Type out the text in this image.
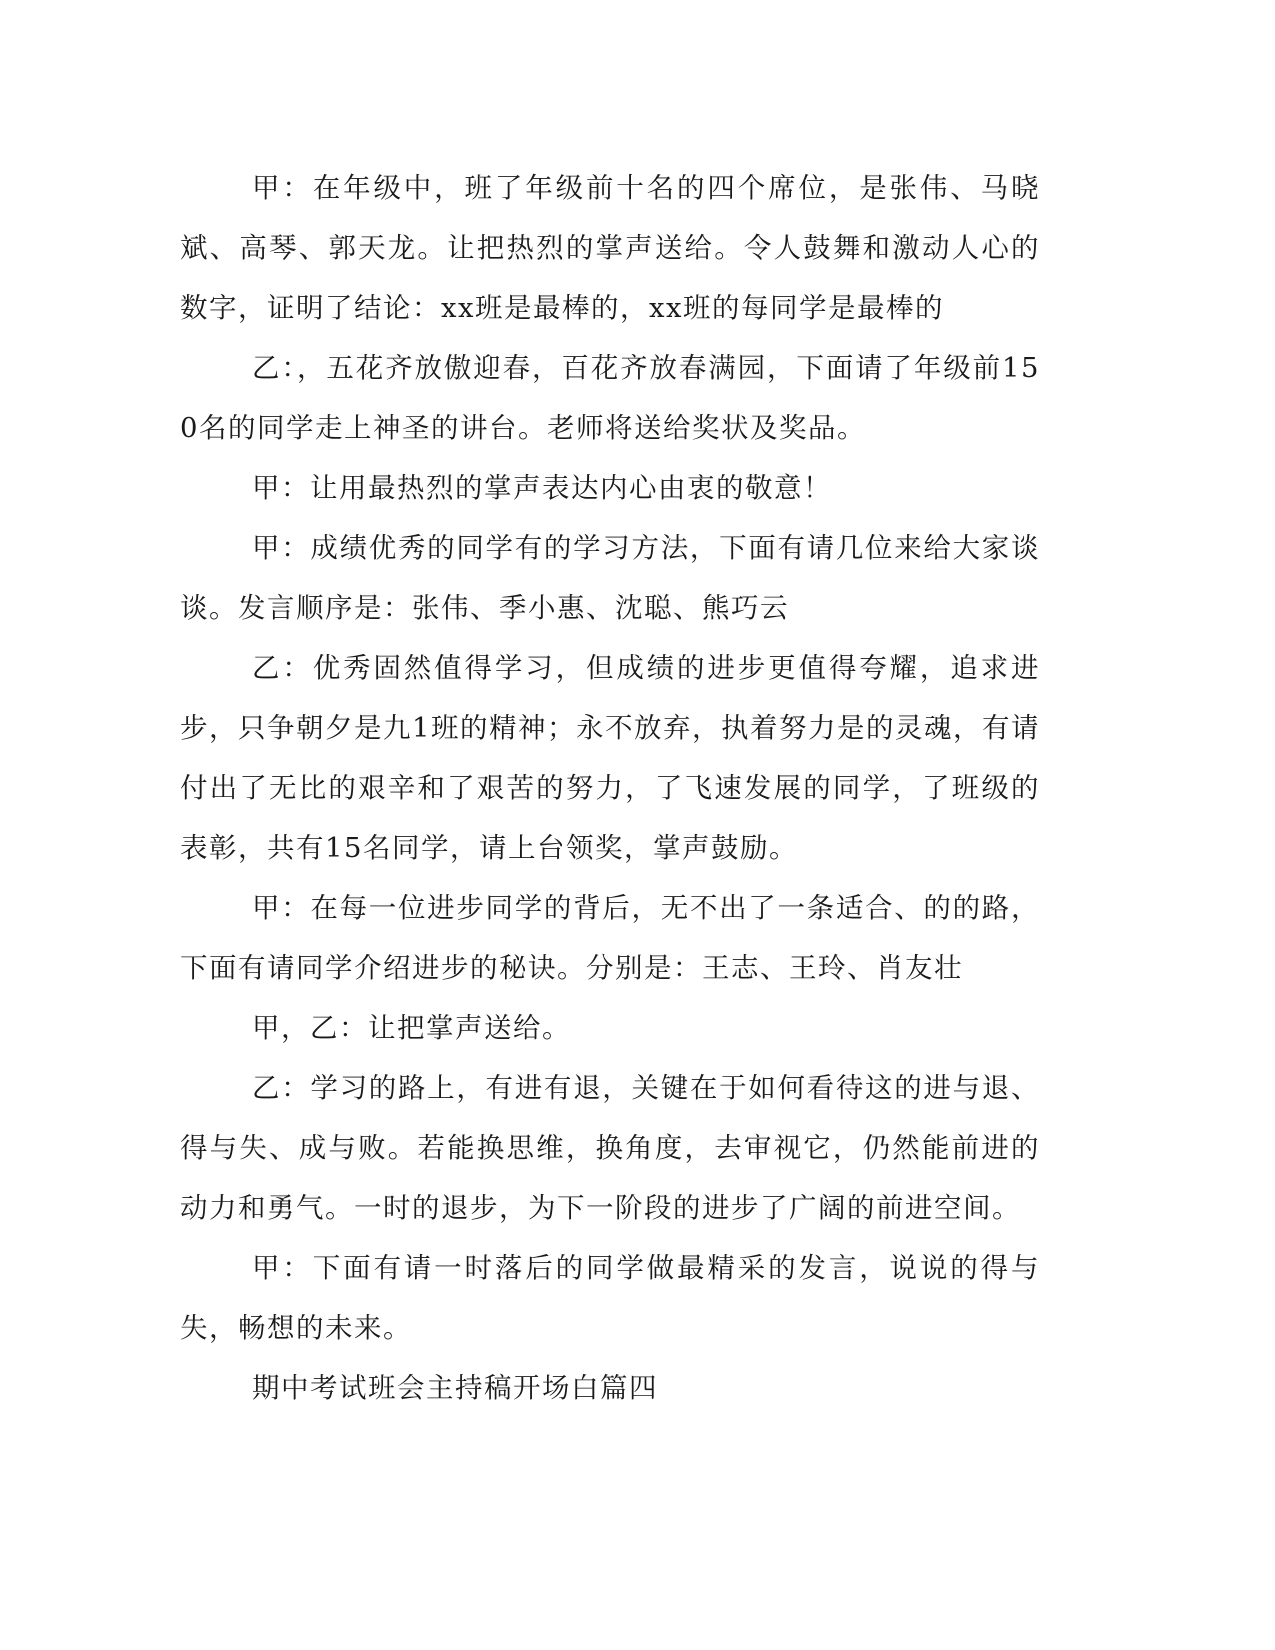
甲：在年级中，班了年级前十名的四个席位，是张伟、马晓斌、高琴、郭天龙。让把热烈的掌声送给。令人鼓舞和激动人心的数字，证明了结论：xx班是最棒的，xx班的每同学是最棒的

乙：，五花齐放傲迎春，百花齐放春满园，下面请了年级前150名的同学走上神圣的讲台。老师将送给奖状及奖品。

甲：让用最热烈的掌声表达内心由衷的敬意！

甲：成绩优秀的同学有的学习方法，下面有请几位来给大家谈谈。发言顺序是：张伟、季小惠、沈聪、熊巧云

乙：优秀固然值得学习，但成绩的进步更值得夸耀，追求进步，只争朝夕是九1班的精神；永不放弃，执着努力是的灵魂，有请付出了无比的艰辛和了艰苦的努力，了飞速发展的同学，了班级的表彰，共有15名同学，请上台领奖，掌声鼓励。

甲：在每一位进步同学的背后，无不出了一条适合、的的路，下面有请同学介绍进步的秘诀。分别是：王志、王玲、肖友壮

甲，乙：让把掌声送给。

乙：学习的路上，有进有退，关键在于如何看待这的进与退、得与失、成与败。若能换思维，换角度，去审视它，仍然能前进的动力和勇气。一时的退步，为下一阶段的进步了广阔的前进空间。

甲：下面有请一时落后的同学做最精采的发言，说说的得与失，畅想的未来。

期中考试班会主持稿开场白篇四
